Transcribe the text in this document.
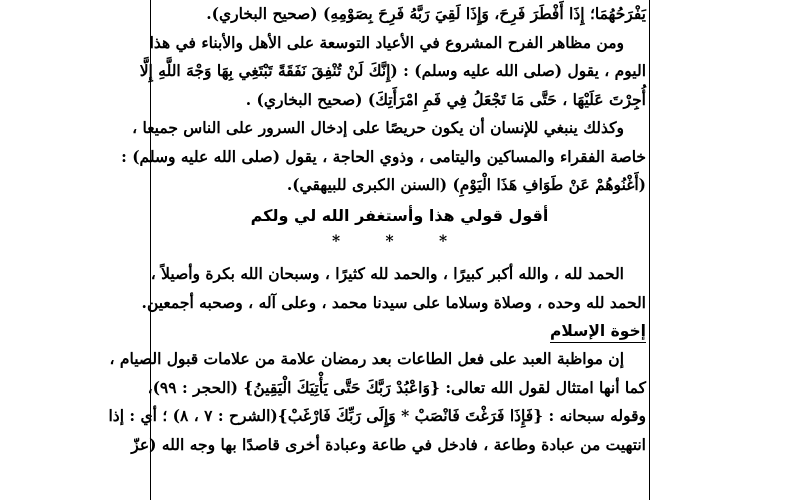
يَفْرَحُهُمَا؛ إِذَا أَفْطَرَ فَرِحَ، وَإِذَا لَقِيَ رَبَّهُ فَرِحَ بِصَوْمِهِ) (صحيح البخاري).

ومن مظاهر الفرح المشروع في الأعياد التوسعة على الأهل والأبناء في هذا
اليوم ، يقول (صلى الله عليه وسلم) : (إِنَّكَ لَنْ تُنْفِقَ نَفَقَةً تَبْتَغِي بِهَا وَجْهَ اللَّهِ إِلَّا
أُجِرْتَ عَلَيْهَا ، حَتَّى مَا تَجْعَلُ فِي فَمِ امْرَأَتِكَ) (صحيح البخاري) .

وكذلك ينبغي للإنسان أن يكون حريصًا على إدخال السرور على الناس جميعا ،
خاصة الفقراء والمساكين واليتامى ، وذوي الحاجة ، يقول (صلى الله عليه وسلم) :
(أَغْنُوهُمْ عَنْ طَوَافِ هَذَا الْيَوْمِ) (السنن الكبرى للبيهقي).

أقول قولي هذا وأستغفر الله لي ولكم
* * *

الحمد لله ، والله أكبر كبيرًا ، والحمد لله كثيرًا ، وسبحان الله بكرة وأصيلاً ،
الحمد لله وحده ، وصلاة وسلاما على سيدنا محمد ، وعلى آله ، وصحبه أجمعين.

إخوة الإسلام

إن مواظبة العبد على فعل الطاعات بعد رمضان علامة من علامات قبول الصيام ،
كما أنها امتثال لقول الله تعالى: {وَاعْبُدْ رَبَّكَ حَتَّى يَأْتِيَكَ الْيَقِينُ} (الحجر : ٩٩)،
وقوله سبحانه : {فَإِذَا فَرَغْتَ فَانْصَبْ * وَإِلَى رَبِّكَ فَارْغَبْ}(الشرح : ٧ ، ٨) ؛ أي : إذا
انتهيت من عبادة وطاعة ، فادخل في طاعة وعبادة أخرى قاصدًا بها وجه الله (عزّ
